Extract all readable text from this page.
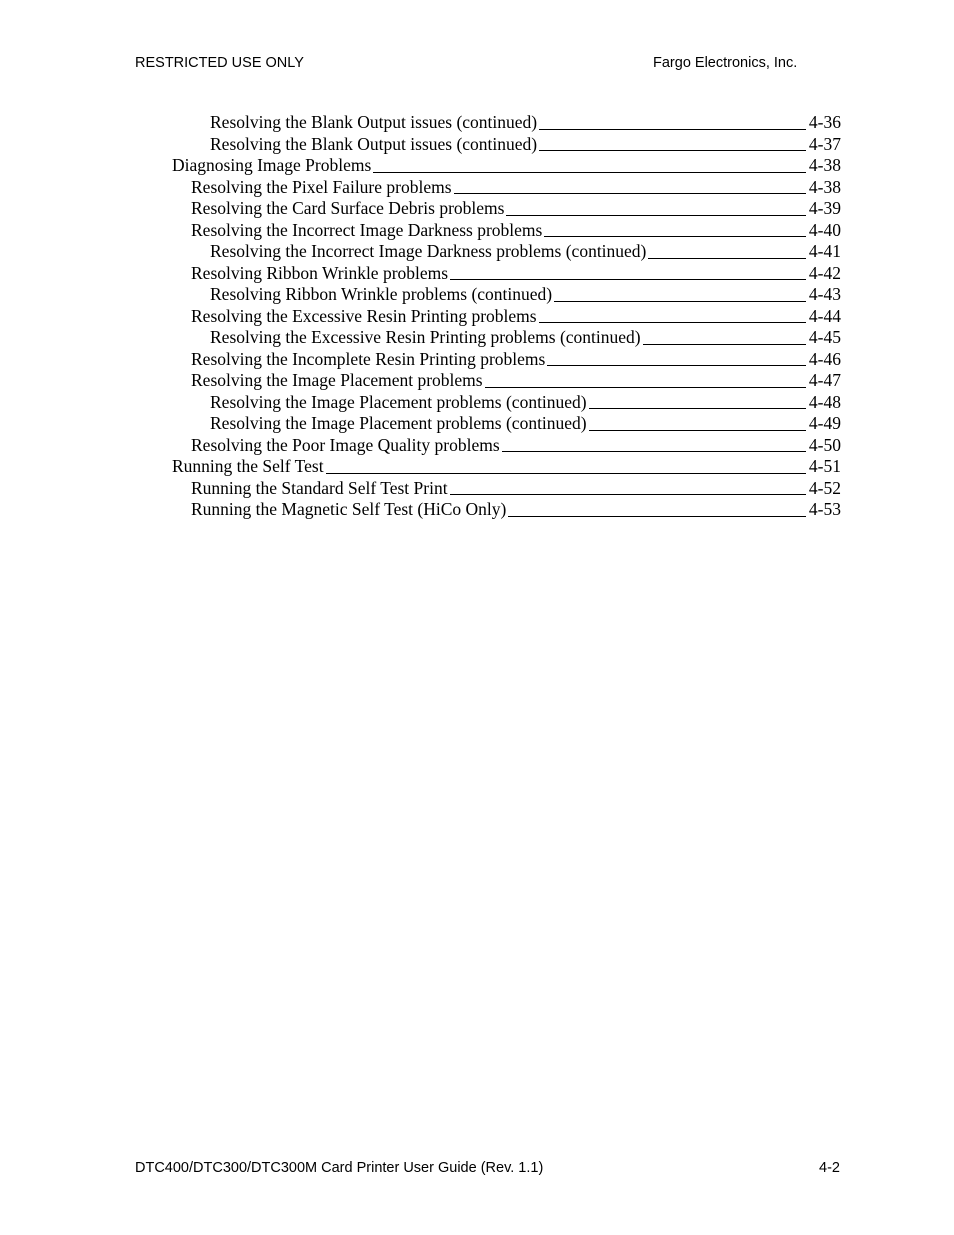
RESTRICTED USE ONLY	Fargo Electronics, Inc.
Resolving the Blank Output issues (continued)	4-36
Resolving the Blank Output issues (continued)	4-37
Diagnosing Image Problems	4-38
Resolving the Pixel Failure problems	4-38
Resolving the Card Surface Debris problems	4-39
Resolving the Incorrect Image Darkness problems	4-40
Resolving the Incorrect Image Darkness problems (continued)	4-41
Resolving Ribbon Wrinkle problems	4-42
Resolving Ribbon Wrinkle problems (continued)	4-43
Resolving the Excessive Resin Printing problems	4-44
Resolving the Excessive Resin Printing problems (continued)	4-45
Resolving the Incomplete Resin Printing problems	4-46
Resolving the Image Placement problems	4-47
Resolving the Image Placement problems (continued)	4-48
Resolving the Image Placement problems (continued)	4-49
Resolving the Poor Image Quality problems	4-50
Running the Self Test	4-51
Running the Standard Self Test Print	4-52
Running the Magnetic Self Test (HiCo Only)	4-53
DTC400/DTC300/DTC300M Card Printer User Guide (Rev. 1.1)	4-2
